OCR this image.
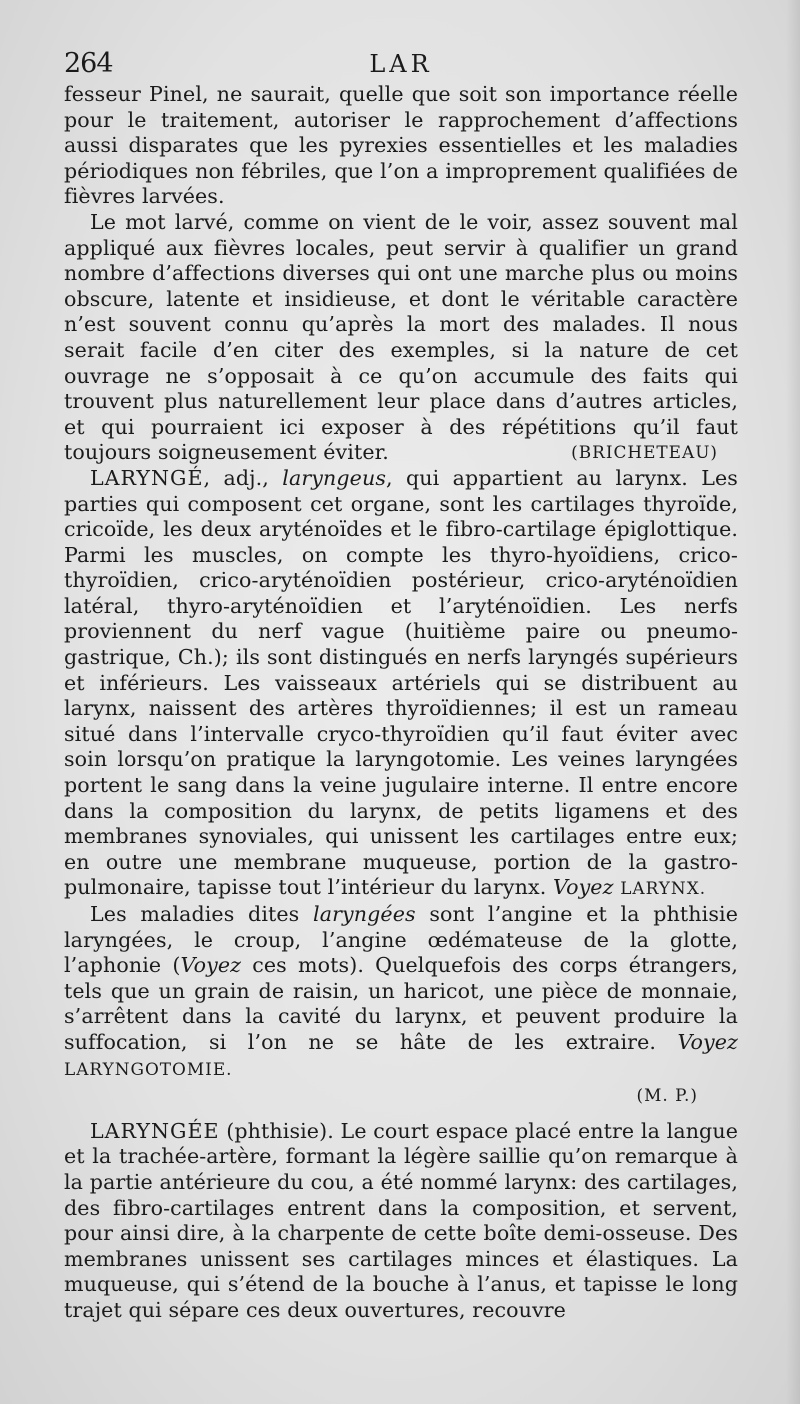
264	LAR

fesseur Pinel, ne saurait, quelle que soit son importance réelle pour le traitement, autoriser le rapprochement d’affections aussi disparates que les pyrexies essentielles et les maladies périodiques non fébriles, que l’on a improprement qualifiées de fièvres larvées.

Le mot larvé, comme on vient de le voir, assez souvent mal appliqué aux fièvres locales, peut servir à qualifier un grand nombre d’affections diverses qui ont une marche plus ou moins obscure, latente et insidieuse, et dont le véritable caractère n’est souvent connu qu’après la mort des malades. Il nous serait facile d’en citer des exemples, si la nature de cet ouvrage ne s’opposait à ce qu’on accumule des faits qui trouvent plus naturellement leur place dans d’autres articles, et qui pourraient ici exposer à des répétitions qu’il faut toujours soigneusement éviter.	(BRICHETEAU)

LARYNGÉ, adj., laryngeus, qui appartient au larynx. Les parties qui composent cet organe, sont les cartilages thyroïde, cricoïde, les deux aryténoïdes et le fibro-cartilage épiglottique. Parmi les muscles, on compte les thyro-hyoïdiens, crico-thyroïdien, crico-aryténoïdien postérieur, crico-aryténoïdien latéral, thyro-aryténoïdien et l’aryténoïdien. Les nerfs proviennent du nerf vague (huitième paire ou pneumo-gastrique, Ch.); ils sont distingués en nerfs laryngés supérieurs et inférieurs. Les vaisseaux artériels qui se distribuent au larynx, naissent des artères thyroïdiennes; il est un rameau situé dans l’intervalle cryco-thyroïdien qu’il faut éviter avec soin lorsqu’on pratique la laryngotomie. Les veines laryngées portent le sang dans la veine jugulaire interne. Il entre encore dans la composition du larynx, de petits ligamens et des membranes synoviales, qui unissent les cartilages entre eux; en outre une membrane muqueuse, portion de la gastro-pulmonaire, tapisse tout l’intérieur du larynx. Voyez LARYNX.

Les maladies dites laryngées sont l’angine et la phthisie laryngées, le croup, l’angine œdémateuse de la glotte, l’aphonie (Voyez ces mots). Quelquefois des corps étrangers, tels que un grain de raisin, un haricot, une pièce de monnaie, s’arrêtent dans la cavité du larynx, et peuvent produire la suffocation, si l’on ne se hâte de les extraire. Voyez LARYNGOTOMIE.

(M. P.)

LARYNGÉE (phthisie). Le court espace placé entre la langue et la trachée-artère, formant la légère saillie qu’on remarque à la partie antérieure du cou, a été nommé larynx: des cartilages, des fibro-cartilages entrent dans la composition, et servent, pour ainsi dire, à la charpente de cette boîte demi-osseuse. Des membranes unissent ses cartilages minces et élastiques. La muqueuse, qui s’étend de la bouche à l’anus, et tapisse le long trajet qui sépare ces deux ouvertures, recouvre
